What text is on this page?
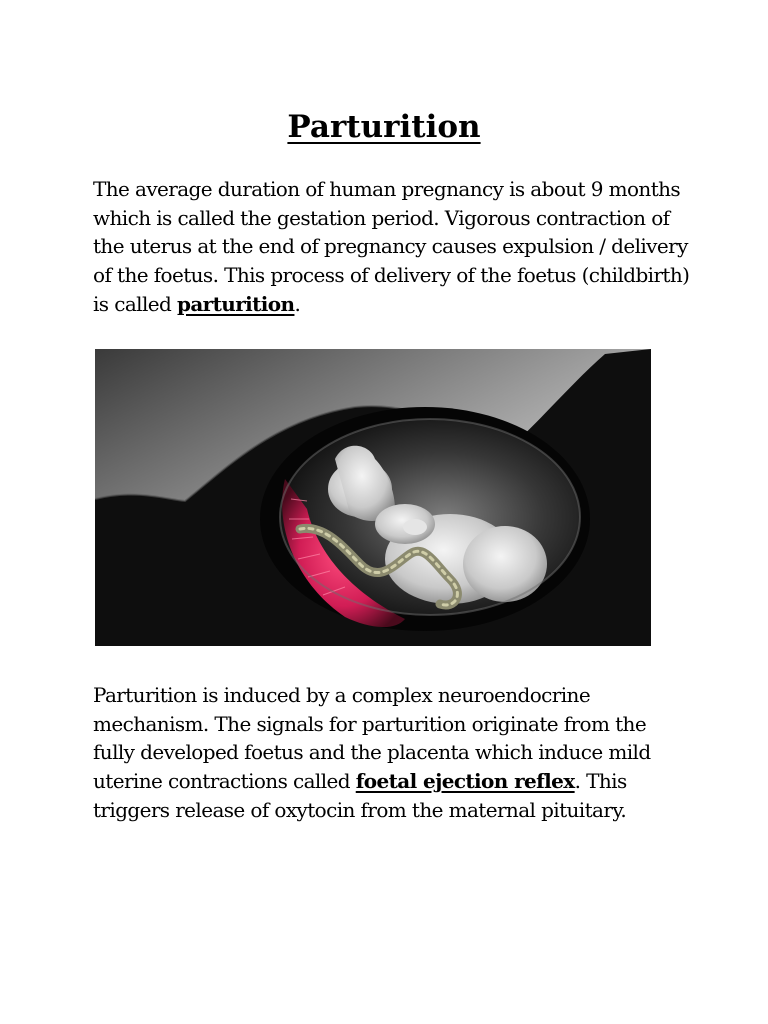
Parturition

The average duration of human pregnancy is about 9 months which is called the gestation period. Vigorous contraction of the uterus at the end of pregnancy causes expulsion / delivery of the foetus. This process of delivery of the foetus (childbirth) is called parturition.

Parturition is induced by a complex neuroendocrine mechanism. The signals for parturition originate from the fully developed foetus and the placenta which induce mild uterine contractions called foetal ejection reflex. This triggers release of oxytocin from the maternal pituitary.
